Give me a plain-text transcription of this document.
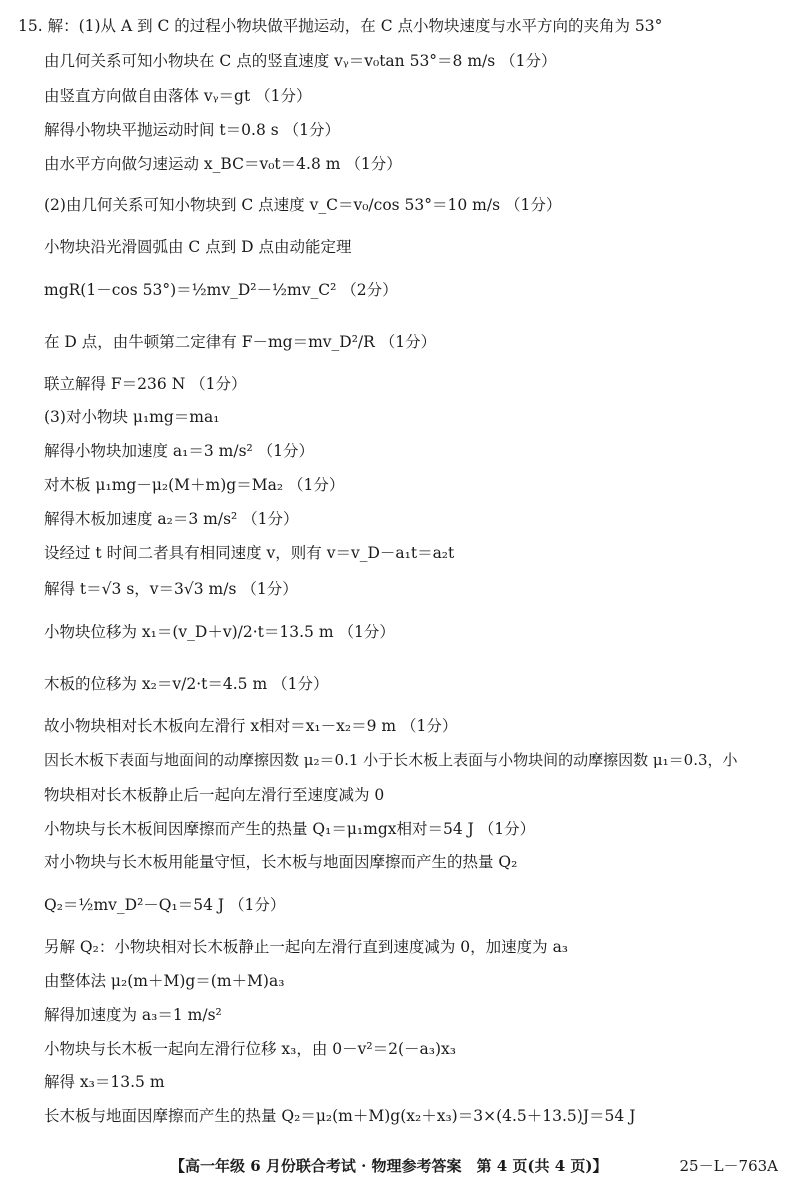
15. 解：(1)从 A 到 C 的过程小物块做平抛运动，在 C 点小物块速度与水平方向的夹角为 53°
由几何关系可知小物块在 C 点的竖直速度 vᵧ＝v₀tan 53°＝8 m/s （1分）
由竖直方向做自由落体 vᵧ＝gt （1分）
解得小物块平抛运动时间 t＝0.8 s （1分）
由水平方向做匀速运动 x_BC＝v₀t＝4.8 m （1分）
(2)由几何关系可知小物块到 C 点速度 v_C＝v₀/cos 53°＝10 m/s （1分）
小物块沿光滑圆弧由 C 点到 D 点由动能定理
mgR(1－cos 53°)＝½mv_D²－½mv_C² （2分）
在 D 点，由牛顿第二定律有 F－mg＝mv_D²/R （1分）
联立解得 F＝236 N （1分）
(3)对小物块 μ₁mg＝ma₁
解得小物块加速度 a₁＝3 m/s² （1分）
对木板 μ₁mg－μ₂(M＋m)g＝Ma₂ （1分）
解得木板加速度 a₂＝3 m/s² （1分）
设经过 t 时间二者具有相同速度 v，则有 v＝v_D－a₁t＝a₂t
解得 t＝√3 s，v＝3√3 m/s （1分）
小物块位移为 x₁＝(v_D＋v)/2·t＝13.5 m （1分）
木板的位移为 x₂＝v/2·t＝4.5 m （1分）
故小物块相对长木板向左滑行 x相对＝x₁－x₂＝9 m （1分）
因长木板下表面与地面间的动摩擦因数 μ₂＝0.1 小于长木板上表面与小物块间的动摩擦因数 μ₁＝0.3，小
物块相对长木板静止后一起向左滑行至速度减为 0
小物块与长木板间因摩擦而产生的热量 Q₁＝μ₁mgx相对＝54 J （1分）
对小物块与长木板用能量守恒，长木板与地面因摩擦而产生的热量 Q₂
Q₂＝½mv_D²－Q₁＝54 J （1分）
另解 Q₂：小物块相对长木板静止一起向左滑行直到速度减为 0，加速度为 a₃
由整体法 μ₂(m＋M)g＝(m＋M)a₃
解得加速度为 a₃＝1 m/s²
小物块与长木板一起向左滑行位移 x₃，由 0－v²＝2(－a₃)x₃
解得 x₃＝13.5 m
长木板与地面因摩擦而产生的热量 Q₂＝μ₂(m＋M)g(x₂＋x₃)＝3×(4.5＋13.5)J＝54 J
【高一年级 6 月份联合考试 · 物理参考答案　第 4 页(共 4 页)】	25－L－763A
